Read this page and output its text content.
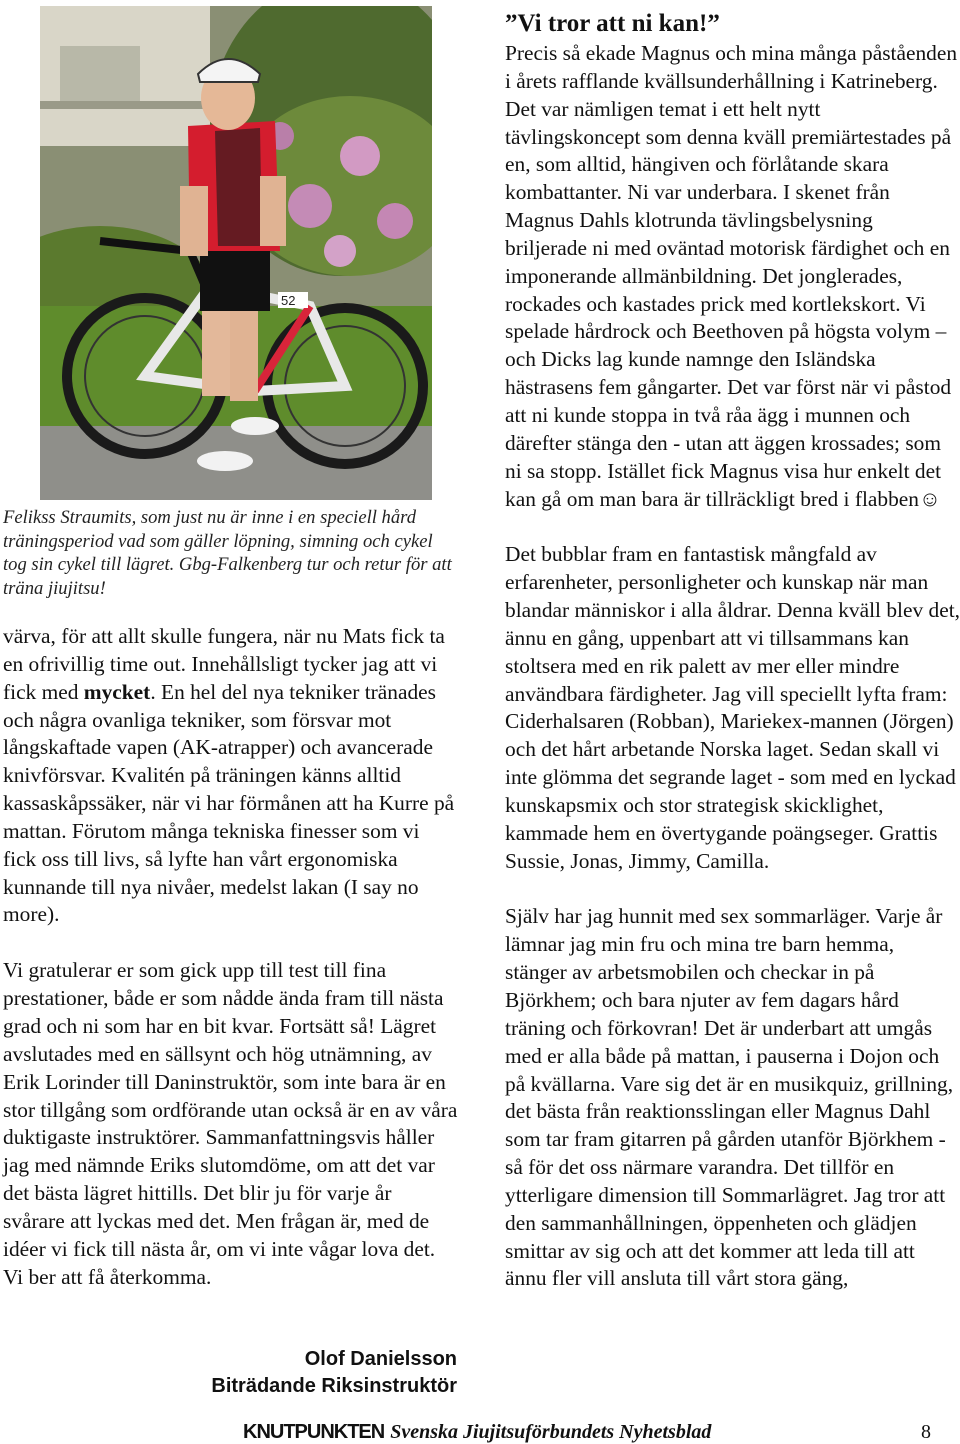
52
Felikss Straumits, som just nu är inne i en speciell hård träningsperiod vad som gäller löpning, simning och cykel tog sin cykel till lägret. Gbg-Falkenberg tur och retur för att träna jiujitsu!

värva, för att allt skulle fungera, när nu Mats fick ta en ofrivillig time out. Innehållsligt tycker jag att vi fick med mycket. En hel del nya tekniker tränades och några ovanliga tekniker, som försvar mot långskaftade vapen (AK-atrapper) och avancerade knivförsvar. Kvalitén på träningen känns alltid kassaskåpssäker, när vi har förmånen att ha Kurre på mattan. Förutom många tekniska finesser som vi fick oss till livs, så lyfte han vårt ergonomiska kunnande till nya nivåer, medelst lakan (I say no more).

Vi gratulerar er som gick upp till test till fina prestationer, både er som nådde ända fram till nästa grad och ni som har en bit kvar. Fortsätt så! Lägret avslutades med en sällsynt och hög utnämning, av Erik Lorinder till Daninstruktör, som inte bara är en stor tillgång som ordförande utan också är en av våra duktigaste instruktörer. Sammanfattningsvis håller jag med nämnde Eriks slutomdöme, om att det var det bästa lägret hittills. Det blir ju för varje år svårare att lyckas med det. Men frågan är, med de idéer vi fick till nästa år, om vi inte vågar lova det. Vi ber att få återkomma.

Olof Danielsson
Biträdande Riksinstruktör
”Vi tror att ni kan!”

Precis så ekade Magnus och mina många påståenden i årets rafflande kvällsunderhållning i Katrineberg. Det var nämligen temat i ett helt nytt tävlingskoncept som denna kväll premiärtestades på en, som alltid, hängiven och förlåtande skara kombattanter. Ni var underbara. I skenet från Magnus Dahls klotrunda tävlingsbelysning briljerade ni med oväntad motorisk färdighet och en imponerande allmänbildning. Det jonglerades, rockades och kastades prick med kortlekskort. Vi spelade hårdrock och Beethoven på högsta volym – och Dicks lag kunde namnge den Isländska hästrasens fem gångarter. Det var först när vi påstod att ni kunde stoppa in två råa ägg i munnen och därefter stänga den - utan att äggen krossades; som ni sa stopp. Istället fick Magnus visa hur enkelt det kan gå om man bara är tillräckligt bred i flabben☺

Det bubblar fram en fantastisk mångfald av erfarenheter, personligheter och kunskap när man blandar människor i alla åldrar. Denna kväll blev det, ännu en gång, uppenbart att vi tillsammans kan stoltsera med en rik palett av mer eller mindre användbara färdigheter. Jag vill speciellt lyfta fram: Ciderhalsaren (Robban), Mariekex-mannen (Jörgen) och det hårt arbetande Norska laget. Sedan skall vi inte glömma det segrande laget - som med en lyckad kunskapsmix och stor strategisk skicklighet, kammade hem en övertygande poängseger. Grattis Sussie, Jonas, Jimmy, Camilla.

Själv har jag hunnit med sex sommarläger. Varje år lämnar jag min fru och mina tre barn hemma, stänger av arbetsmobilen och checkar in på Björkhem; och bara njuter av fem dagars hård träning och förkovran! Det är underbart att umgås med er alla både på mattan, i pauserna i Dojon och på kvällarna. Vare sig det är en musikquiz, grillning, det bästa från reaktionsslingan eller Magnus Dahl som tar fram gitarren på gården utanför Björkhem - så för det oss närmare varandra. Det tillför en ytterligare dimension till Sommarlägret. Jag tror att den sammanhållningen, öppenheten och glädjen smittar av sig och att det kommer att leda till att ännu fler vill ansluta till vårt stora gäng,

KNUTPUNKTEN Svenska Jiujitsuförbundets Nyhetsblad	8
